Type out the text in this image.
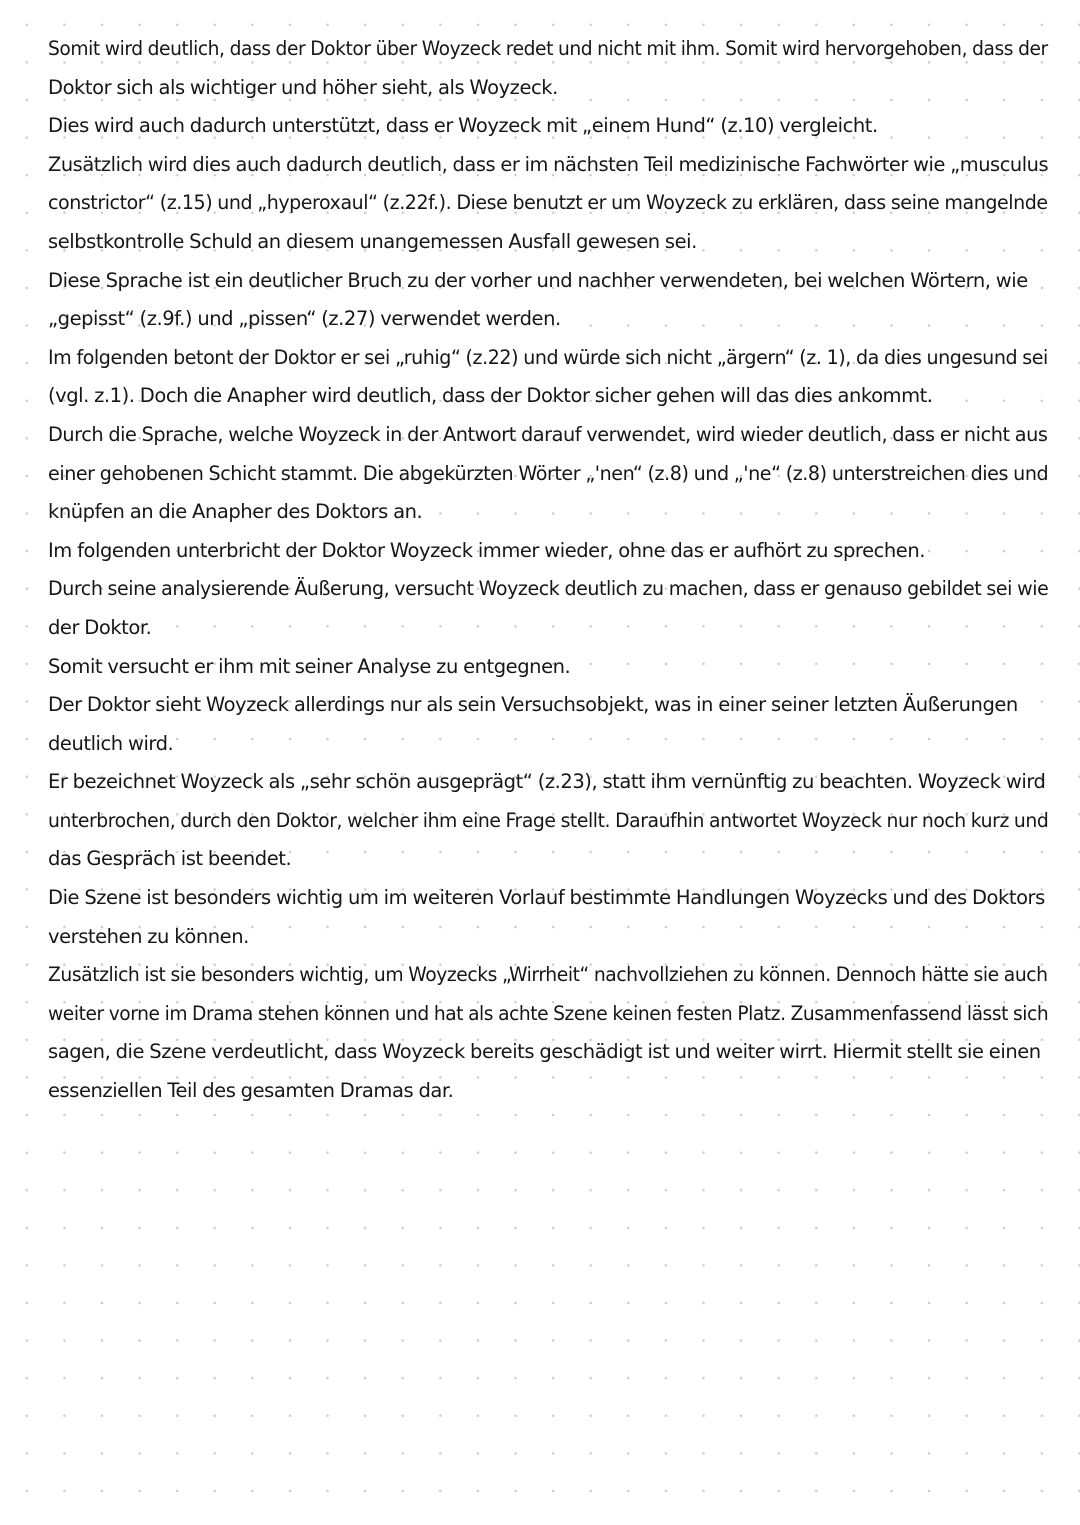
Somit wird deutlich, dass der Doktor über Woyzeck redet und nicht mit ihm. Somit wird hervorgehoben, dass der
Doktor sich als wichtiger und höher sieht, als Woyzeck.
Dies wird auch dadurch unterstützt, dass er Woyzeck mit „einem Hund“ (z.10) vergleicht.
Zusätzlich wird dies auch dadurch deutlich, dass er im nächsten Teil medizinische Fachwörter wie „musculus
constrictor“ (z.15) und „hyperoxaul“ (z.22f.). Diese benutzt er um Woyzeck zu erklären, dass seine mangelnde
selbstkontrolle Schuld an diesem unangemessen Ausfall gewesen sei.
Diese Sprache ist ein deutlicher Bruch zu der vorher und nachher verwendeten, bei welchen Wörtern, wie
„gepisst“ (z.9f.) und „pissen“ (z.27) verwendet werden.
Im folgenden betont der Doktor er sei „ruhig“ (z.22) und würde sich nicht „ärgern“ (z. 1), da dies ungesund sei
(vgl. z.1). Doch die Anapher wird deutlich, dass der Doktor sicher gehen will das dies ankommt.
Durch die Sprache, welche Woyzeck in der Antwort darauf verwendet, wird wieder deutlich, dass er nicht aus
einer gehobenen Schicht stammt. Die abgekürzten Wörter „'nen“ (z.8) und „'ne“ (z.8) unterstreichen dies und
knüpfen an die Anapher des Doktors an.
Im folgenden unterbricht der Doktor Woyzeck immer wieder, ohne das er aufhört zu sprechen.
Durch seine analysierende Äußerung, versucht Woyzeck deutlich zu machen, dass er genauso gebildet sei wie
der Doktor.
Somit versucht er ihm mit seiner Analyse zu entgegnen.
Der Doktor sieht Woyzeck allerdings nur als sein Versuchsobjekt, was in einer seiner letzten Äußerungen
deutlich wird.
Er bezeichnet Woyzeck als „sehr schön ausgeprägt“ (z.23), statt ihm vernünftig zu beachten. Woyzeck wird
unterbrochen, durch den Doktor, welcher ihm eine Frage stellt. Daraufhin antwortet Woyzeck nur noch kurz und
das Gespräch ist beendet.
Die Szene ist besonders wichtig um im weiteren Vorlauf bestimmte Handlungen Woyzecks und des Doktors
verstehen zu können.
Zusätzlich ist sie besonders wichtig, um Woyzecks „Wirrheit“ nachvollziehen zu können. Dennoch hätte sie auch
weiter vorne im Drama stehen können und hat als achte Szene keinen festen Platz. Zusammenfassend lässt sich
sagen, die Szene verdeutlicht, dass Woyzeck bereits geschädigt ist und weiter wirrt. Hiermit stellt sie einen
essenziellen Teil des gesamten Dramas dar.
